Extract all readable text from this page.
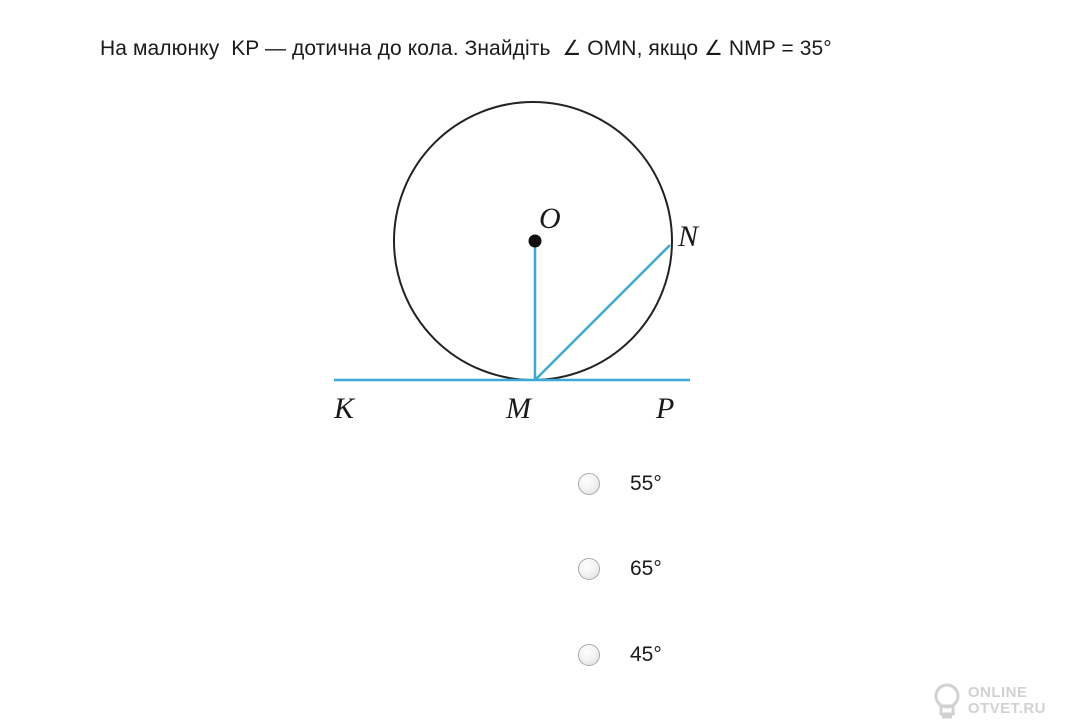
На малюнку  KP — дотична до кола. Знайдіть  ∠ OMN, якщо ∠ NMP = 35°
O
N
K	M	P
55°
65°
45°
ONLINE
OTVET.RU
